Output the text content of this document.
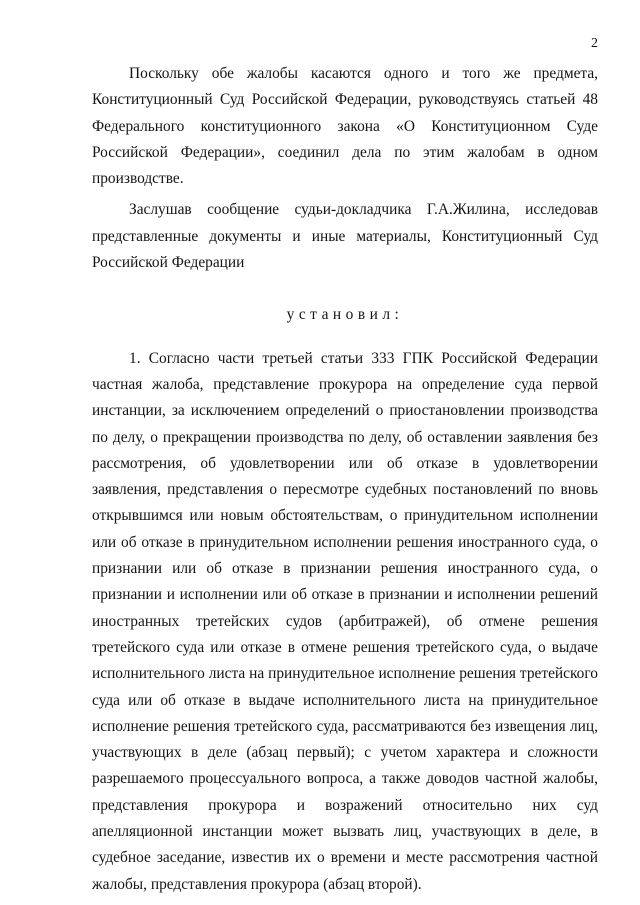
2

Поскольку обе жалобы касаются одного и того же предмета, Конституционный Суд Российской Федерации, руководствуясь статьей 48 Федерального конституционного закона «О Конституционном Суде Российской Федерации», соединил дела по этим жалобам в одном производстве.

Заслушав сообщение судьи-докладчика Г.А.Жилина, исследовав представленные документы и иные материалы, Конституционный Суд Российской Федерации

установил:

1. Согласно части третьей статьи 333 ГПК Российской Федерации частная жалоба, представление прокурора на определение суда первой инстанции, за исключением определений о приостановлении производства по делу, о прекращении производства по делу, об оставлении заявления без рассмотрения, об удовлетворении или об отказе в удовлетворении заявления, представления о пересмотре судебных постановлений по вновь открывшимся или новым обстоятельствам, о принудительном исполнении или об отказе в принудительном исполнении решения иностранного суда, о признании или об отказе в признании решения иностранного суда, о признании и исполнении или об отказе в признании и исполнении решений иностранных третейских судов (арбитражей), об отмене решения третейского суда или отказе в отмене решения третейского суда, о выдаче исполнительного листа на принудительное исполнение решения третейского суда или об отказе в выдаче исполнительного листа на принудительное исполнение решения третейского суда, рассматриваются без извещения лиц, участвующих в деле (абзац первый); с учетом характера и сложности разрешаемого процессуального вопроса, а также доводов частной жалобы, представления прокурора и возражений относительно них суд апелляционной инстанции может вызвать лиц, участвующих в деле, в судебное заседание, известив их о времени и месте рассмотрения частной жалобы, представления прокурора (абзац второй).
